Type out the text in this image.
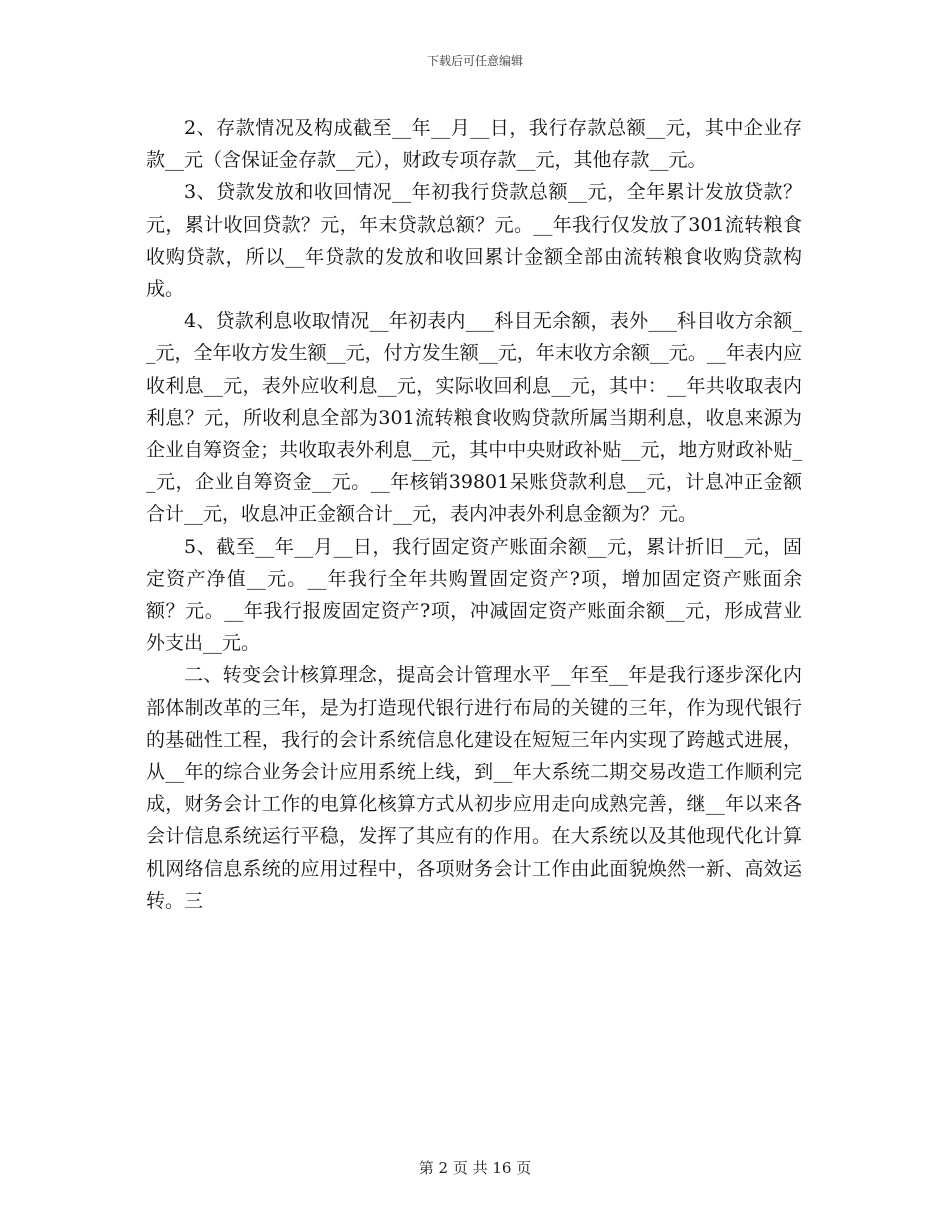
下载后可任意编辑

2、存款情况及构成截至__年__月__日，我行存款总额__元，其中企业存款__元（含保证金存款__元），财政专项存款__元，其他存款__元。

3、贷款发放和收回情况__年初我行贷款总额__元，全年累计发放贷款？元，累计收回贷款？元，年末贷款总额？元。__年我行仅发放了301流转粮食收购贷款，所以__年贷款的发放和收回累计金额全部由流转粮食收购贷款构成。

4、贷款利息收取情况__年初表内___科目无余额，表外___科目收方余额__元，全年收方发生额__元，付方发生额__元，年末收方余额__元。__年表内应收利息__元，表外应收利息__元，实际收回利息__元，其中：__年共收取表内利息？元，所收利息全部为301流转粮食收购贷款所属当期利息，收息来源为企业自筹资金；共收取表外利息__元，其中中央财政补贴__元，地方财政补贴__元，企业自筹资金__元。__年核销39801呆账贷款利息__元，计息冲正金额合计__元，收息冲正金额合计__元，表内冲表外利息金额为？元。

5、截至__年__月__日，我行固定资产账面余额__元，累计折旧__元，固定资产净值__元。__年我行全年共购置固定资产?项，增加固定资产账面余额？元。__年我行报废固定资产?项，冲减固定资产账面余额__元，形成营业外支出__元。

二、转变会计核算理念，提高会计管理水平__年至__年是我行逐步深化内部体制改革的三年，是为打造现代银行进行布局的关键的三年，作为现代银行的基础性工程，我行的会计系统信息化建设在短短三年内实现了跨越式进展，从__年的综合业务会计应用系统上线，到__年大系统二期交易改造工作顺利完成，财务会计工作的电算化核算方式从初步应用走向成熟完善，继__年以来各会计信息系统运行平稳，发挥了其应有的作用。在大系统以及其他现代化计算机网络信息系统的应用过程中，各项财务会计工作由此面貌焕然一新、高效运转。三

第 2 页 共 16 页
